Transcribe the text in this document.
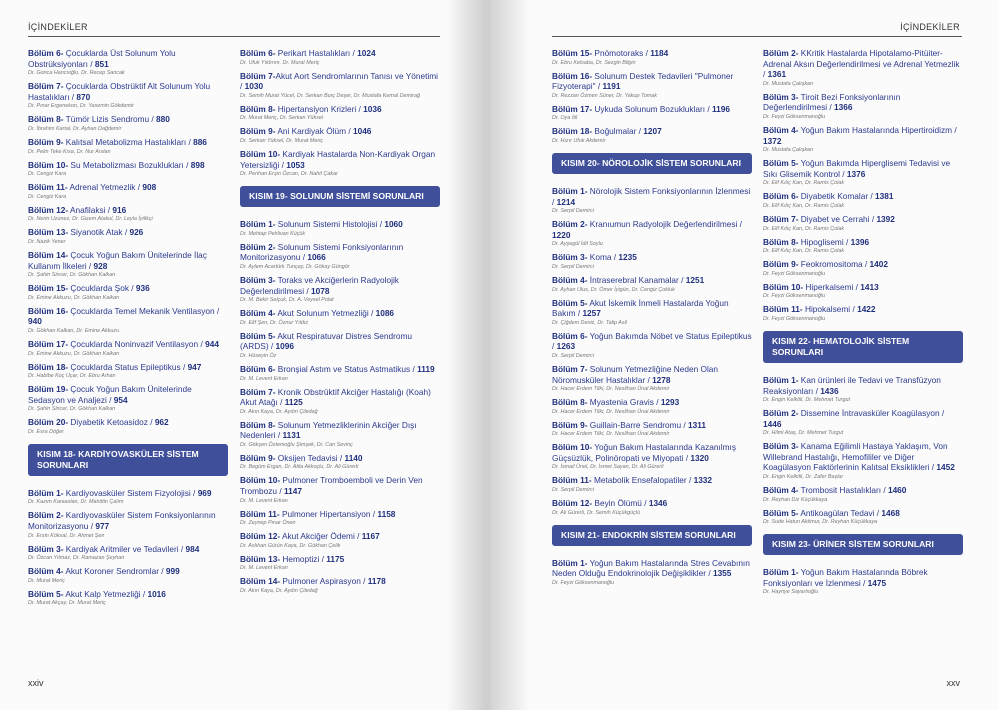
İÇİNDEKİLER
Bölüm 6- Çocuklarda Üst Solunum Yolu Obstrüksiyonları / 851
Dr. Gonca Hancıoğlu, Dr. Recep Sancak
Bölüm 7- Çocuklarda Obstrüktif Alt Solunum Yolu Hastalıkları / 870
Dr. Pınar Ergenekon, Dr. Yasemin Gökdemir
Bölüm 8- Tümör Lizis Sendromu / 880
Dr. İbrahim Kartal, Dr. Ayhan Dağdemir
Bölüm 9- Kalıtsal Metabolizma Hastalıkları / 886
Dr. Pelin Teke Kısa, Dr. Nur Arslan
Bölüm 10- Su Metabolizması Bozuklukları / 898
Dr. Cengiz Kara
Bölüm 11- Adrenal Yetmezlik / 908
Dr. Cengiz Kara
Bölüm 12- Anafilaksi / 916
Dr. Nerin Uzunez, Dr. Gizem Atakul, Dr. Leyla İyilikçi
Bölüm 13- Siyanotik Atak / 926
Dr. Nazik Yener
Bölüm 14- Çocuk Yoğun Bakım Ünitelerinde İlaç Kullanım İlkeleri / 928
Dr. Şahin Sincer, Dr. Gökhan Kalkan
Bölüm 15- Çocuklarda Şok / 936
Dr. Emine Akkuzu, Dr. Gökhan Kalkan
Bölüm 16- Çocuklarda Temel Mekanik Ventilasyon / 940
Dr. Gökhan Kalkan, Dr. Emine Akkuzu
Bölüm 17- Çocuklarda Noninvazif Ventilasyon / 944
Dr. Emine Akkuzu, Dr. Gökhan Kalkan
Bölüm 18- Çocuklarda Status Epileptikus / 947
Dr. Habibe Koç Uçar, Dr. Ebru Arhan
Bölüm 19- Çocuk Yoğun Bakım Ünitelerinde Sedasyon ve Analjezi / 954
Dr. Şahin Sincer, Dr. Gökhan Kalkan
Bölüm 20- Diyabetik Ketoasidoz / 962
Dr. Esra Döğer
KISIM 18- KARDİYOVASKÜLER SİSTEM SORUNLARI
Bölüm 1- Kardiyovasküler Sistem Fizyolojisi / 969
Dr. Kazım Karaaslan, Dr. Mahittin Çalım
Bölüm 2- Kardiyovasküler Sistem Fonksiyonlarının Monitorizasyonu / 977
Dr. Ersin Köksal, Dr. Ahmet Şen
Bölüm 3- Kardiyak Aritmiler ve Tedavileri / 984
Dr. Özcan Yılmaz, Dr. Ramazan Şeyhan
Bölüm 4- Akut Koroner Sendromlar / 999
Dr. Murat Meriç
Bölüm 5- Akut Kalp Yetmezliği / 1016
Dr. Murat Akçay, Dr. Murat Meriç
Bölüm 6- Perikart Hastalıkları / 1024
Dr. Ufuk Yıldırım, Dr. Murat Meriç
Bölüm 7-Akut Aort Sendromlarının Tanısı ve Yönetimi / 1030
Dr. Semih Murat Yücel, Dr. Serkan Burç Deşer, Dr. Mustafa Kemal Demirağ
Bölüm 8- Hipertansiyon Krizleri / 1036
Dr. Murat Meriç, Dr. Serkan Yüksel
Bölüm 9- Ani Kardiyak Ölüm / 1046
Dr. Serkan Yüksel, Dr. Murat Meriç
Bölüm 10- Kardiyak Hastalarda Non-Kardiyak Organ Yetersizliği / 1053
Dr. Perihan Erşin Özcan, Dr. Nahit Çakar
KISIM 19- SOLUNUM SİSTEMİ SORUNLARI
Bölüm 1- Solunum Sistemi Histolojisi / 1060
Dr. Mehtap Pehlivan Küçük
Bölüm 2- Solunum Sistemi Fonksiyonlarının Monitorizasyonu / 1066
Dr. Aylem Acartürk Tunçay, Dr. Gökay Güngör
Bölüm 3- Toraks ve Akciğerlerin Radyolojik Değerlendirilmesi / 1078
Dr. M. Bekir Selçuk, Dr. A. Veysel Polat
Bölüm 4- Akut Solunum Yetmezliği / 1086
Dr. Elif Şen, Dr. Öznur Yıldız
Bölüm 5- Akut Respiratuvar Distres Sendromu (ARDS) / 1096
Dr. Hüseyin Öz
Bölüm 6- Bronşial Astım ve Status Astmatikus / 1119
Dr. M. Levent Erkan
Bölüm 7- Kronik Obstrüktif Akciğer Hastalığı (Koah) Akut Atağı / 1125
Dr. Akın Kaya, Dr. Aydın Çiledağ
Bölüm 8- Solunum Yetmezliklerinin Akciğer Dışı Nedenleri / 1131
Dr. Gökşen Öztemoğlu Şimşek, Dr. Can Sevinç
Bölüm 9- Oksijen Tedavisi / 1140
Dr. Begüm Ergan, Dr. Atila Akkoçlu, Dr. Ali Gürerli
Bölüm 10- Pulmoner Tromboemboli ve Derin Ven Trombozu / 1147
Dr. M. Levent Erkan
Bölüm 11- Pulmoner Hipertansiyon / 1158
Dr. Zeynep Pınar Önen
Bölüm 12- Akut Akciğer Ödemi / 1167
Dr. Aslıhan Gürün Kaya, Dr. Gökhan Çelik
Bölüm 13- Hemoptizi / 1175
Dr. M. Levent Erkan
Bölüm 14- Pulmoner Aspirasyon / 1178
Dr. Akın Kaya, Dr. Aydın Çiledağ
xxiv
İÇİNDEKİLER
Bölüm 15- Pnömotoraks / 1184
Dr. Ebru Kelsaba, Dr. Sezgin Bilgin
Bölüm 16- Solunum Destek Tedavileri "Pulmoner Fizyoterapi" / 1191
Dr. Rezzan Özmen Süner, Dr. Yakup Tomak
Bölüm 17- Uykuda Solunum Bozuklukları / 1196
Dr. Oya İtil
Bölüm 18- Boğulmalar / 1207
Dr. Hızır Ufuk Akdemir
KISIM 20- NÖROLOJİK SİSTEM SORUNLARI
Bölüm 1- Nörolojik Sistem Fonksiyonlarının İzlenmesi / 1214
Dr. Serpil Demirci
Bölüm 2- Kranıumun Radyolojik Değerlendirilmesi / 1220
Dr. Ayşegül İdil Soylu
Bölüm 3- Koma / 1235
Dr. Serpil Demirci
Bölüm 4- İntraserebral Kanamalar / 1251
Dr. Ayhan Ulus, Dr. Ömer İyigün, Dr. Cengiz Çokluk
Bölüm 5- Akut İskemik İnmeli Hastalarda Yoğun Bakım / 1257
Dr. Çiğdem Deniz, Dr. Talip Asil
Bölüm 6- Yoğun Bakımda Nöbet ve Status Epileptikus / 1263
Dr. Serpil Demirci
Bölüm 7- Solunum Yetmezliğine Neden Olan Nöromusküler Hastalıklar / 1278
Dr. Hacer Erdem Tilki, Dr. Neslihan Ünal Akdemir
Bölüm 8- Myastenia Gravis / 1293
Dr. Hacer Erdem Tilki, Dr. Neslihan Ünal Akdemir
Bölüm 9- Guillain-Barre Sendromu / 1311
Dr. Hacer Erdem Tilki, Dr. Neslihan Ünal Akdemir
Bölüm 10- Yoğun Bakım Hastalarında Kazanılmış Güçsüzlük, Polinöropati ve Miyopati / 1320
Dr. İsmail Ünel, Dr. İsmet Sayan, Dr. Ali Gürerli
Bölüm 11- Metabolik Ensefalopatiler / 1332
Dr. Serpil Demirci
Bölüm 12- Beyin Ölümü / 1346
Dr. Ali Gürerli, Dr. Semih Küçükgüçlü
KISIM 21- ENDOKRİN SİSTEM SORUNLARI
Bölüm 1- Yoğun Bakım Hastalarında Stres Cevabının Neden Olduğu Endokrinolojik Değişiklikler / 1355
Dr. Feyzi Göksenmanoğlu
Bölüm 2- KKritik Hastalarda Hipotalamo-Pitüiter-Adrenal Aksın Değerlendirilmesi ve Adrenal Yetmezlik / 1361
Dr. Mustafa Çalışkan
Bölüm 3- Tiroit Bezi Fonksiyonlarının Değerlendirilmesi / 1366
Dr. Feyzi Göksenmanoğlu
Bölüm 4- Yoğun Bakım Hastalarında Hipertiroidizm / 1372
Dr. Mustafa Çalışkan
Bölüm 5- Yoğun Bakımda Hiperglisemi Tedavisi ve Sıkı Glisemik Kontrol / 1376
Dr. Elif Kılıç Kan, Dr. Ramis Çolak
Bölüm 6- Diyabetik Komalar / 1381
Dr. Elif Kılıç Kan, Dr. Ramis Çolak
Bölüm 7- Diyabet ve Cerrahi / 1392
Dr. Elif Kılıç Kan, Dr. Ramis Çolak
Bölüm 8- Hipoglisemi / 1396
Dr. Elif Kılıç Kan, Dr. Ramis Çolak
Bölüm 9- Feokromositoma / 1402
Dr. Feyzi Göksenmanoğlu
Bölüm 10- Hiperkalsemi / 1413
Dr. Feyzi Göksenmanoğlu
Bölüm 11- Hipokalsemi / 1422
Dr. Feyzi Göksenmanoğlu
KISIM 22- HEMATOLOJİK SİSTEM SORUNLARI
Bölüm 1- Kan ürünleri ile Tedavi ve Transfüzyon Reaksiyonları / 1436
Dr. Engin Kelkitli, Dr. Mehmet Turgut
Bölüm 2- Dissemine İntravasküler Koagülasyon / 1446
Dr. Hilmi Ataş, Dr. Mehmet Turgut
Bölüm 3- Kanama Eğilimli Hastaya Yaklaşım, Von Willebrand Hastalığı, Hemofililer ve Diğer Koagülasyon Faktörlerinin Kalıtsal Eksiklikleri / 1452
Dr. Engin Kelkitli, Dr. Zafer Başlar
Bölüm 4- Trombosit Hastalıkları / 1460
Dr. Reyhan Diz Küçükkaya
Bölüm 5- Antikoagülan Tedavi / 1468
Dr. Sude Hatun Aktimur, Dr. Reyhan Küçükkaya
KISIM 23- ÜRİNER SİSTEM SORUNLARI
Bölüm 1- Yoğun Bakım Hastalarında Böbrek Fonksiyonları ve İzlenmesi / 1475
Dr. Hayriye Sayarlıoğlu
xxv
